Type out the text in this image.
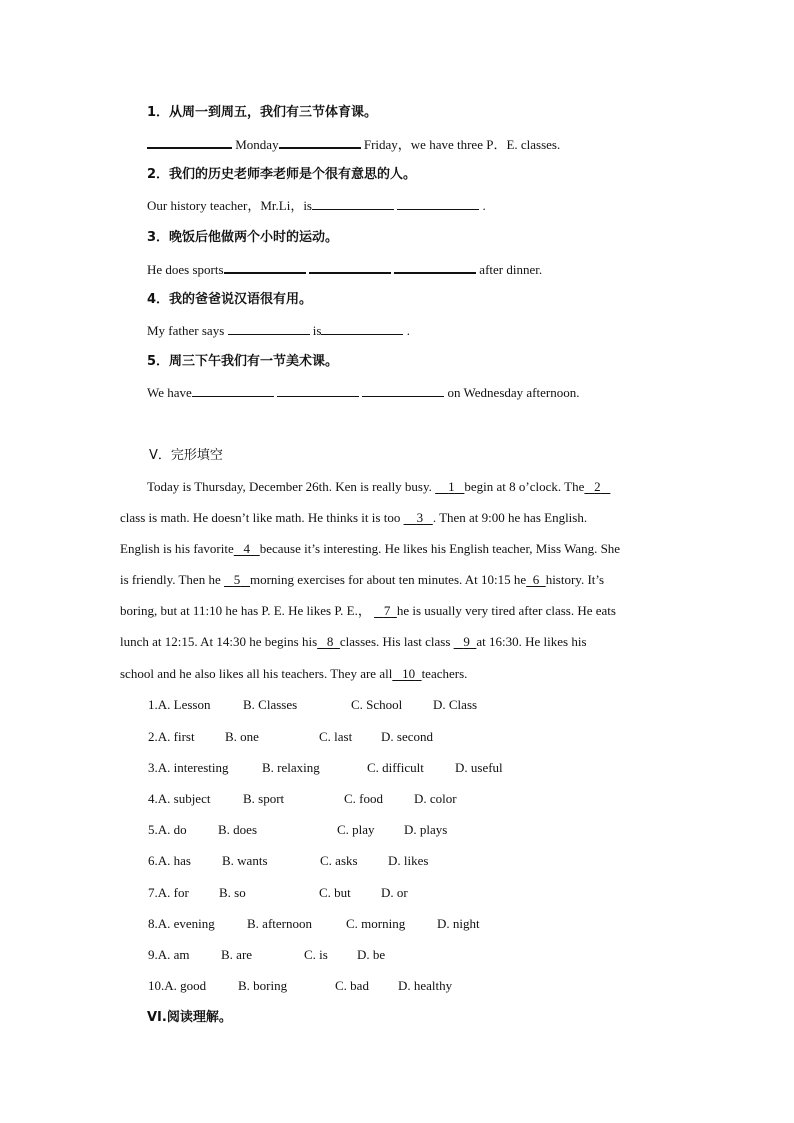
1．从周一到周五，我们有三节体育课。
Monday	Friday，we have three P．E. classes.
2．我们的历史老师李老师是个很有意思的人。
Our history teacher，Mr.Li，is	.
3．晚饭后他做两个小时的运动。
He does sports	after dinner.
4．我的爸爸说汉语很有用。
My father says	is	.
5．周三下午我们有一节美术课。
We have	on Wednesday afternoon.
V．完形填空
Today is Thursday, December 26th. Ken is really busy. 1 begin at 8 o’clock. The 2
class is math. He doesn’t like math. He thinks it is too 3 . Then at 9:00 he has English.
English is his favorite 4 because it’s interesting. He likes his English teacher, Miss Wang. She
is friendly. Then he 5 morning exercises for about ten minutes. At 10:15 he 6 history. It’s
boring, but at 11:10 he has P. E. He likes P. E.， 7 he is usually very tired after class. He eats
lunch at 12:15. At 14:30 he begins his 8 classes. His last class 9 at 16:30. He likes his
school and he also likes all his teachers. They are all 10 teachers.
1.A. Lesson	B. Classes	C. School D. Class
2.A. first B. one	C. last D. second
3.A. interesting	B. relaxing	C. difficult D. useful
4.A. subject	B. sport	C. food D. color
5.A. do B. does	C. play D. plays
6.A. has B. wants	C. asks D. likes
7.A. for B. so	C. but D. or
8.A. evening B. afternoon	C. morning D. night
9.A. am B. are	C. is D. be
10.A. good B. boring	C. bad D. healthy
VI.阅读理解。
